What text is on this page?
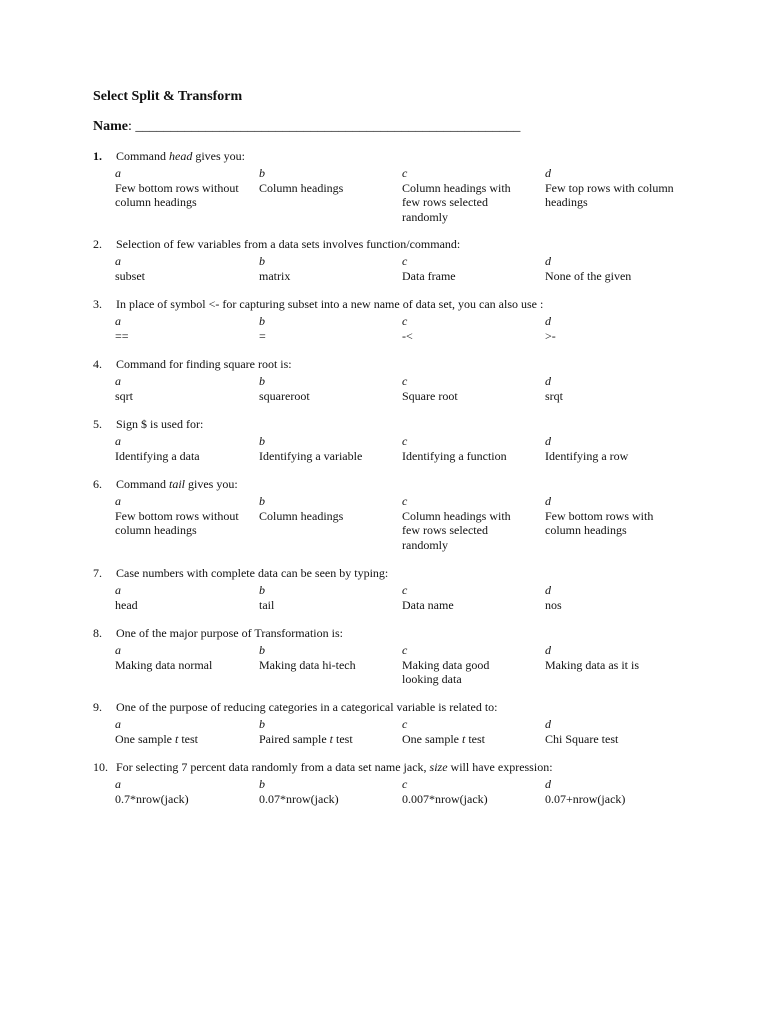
Select Split & Transform
Name: _______________________________________________________
1. Command head gives you:
a
Few bottom rows without column headings
b
Column headings
c
Column headings with few rows selected randomly
d
Few top rows with column headings
2. Selection of few variables from a data sets involves function/command:
a
subset
b
matrix
c
Data frame
d
None of the given
3. In place of symbol <- for capturing subset into a new name of data set, you can also use :
a
==
b
=
c
-<
d
>-
4. Command for finding square root is:
a
sqrt
b
squareroot
c
Square root
d
srqt
5. Sign $ is used for:
a
Identifying a data
b
Identifying a variable
c
Identifying a function
d
Identifying a row
6. Command tail gives you:
a
Few bottom rows without column headings
b
Column headings
c
Column headings with few rows selected randomly
d
Few bottom rows with column headings
7. Case numbers with complete data can be seen by typing:
a
head
b
tail
c
Data name
d
nos
8. One of the major purpose of Transformation is:
a
Making data normal
b
Making data hi-tech
c
Making data good looking data
d
Making data as it is
9. One of the purpose of reducing categories in a categorical variable is related to:
a
One sample t test
b
Paired sample t test
c
One sample t test
d
Chi Square test
10. For selecting 7 percent data randomly from a data set name jack, size will have expression:
a
0.7*nrow(jack)
b
0.07*nrow(jack)
c
0.007*nrow(jack)
d
0.07+nrow(jack)
